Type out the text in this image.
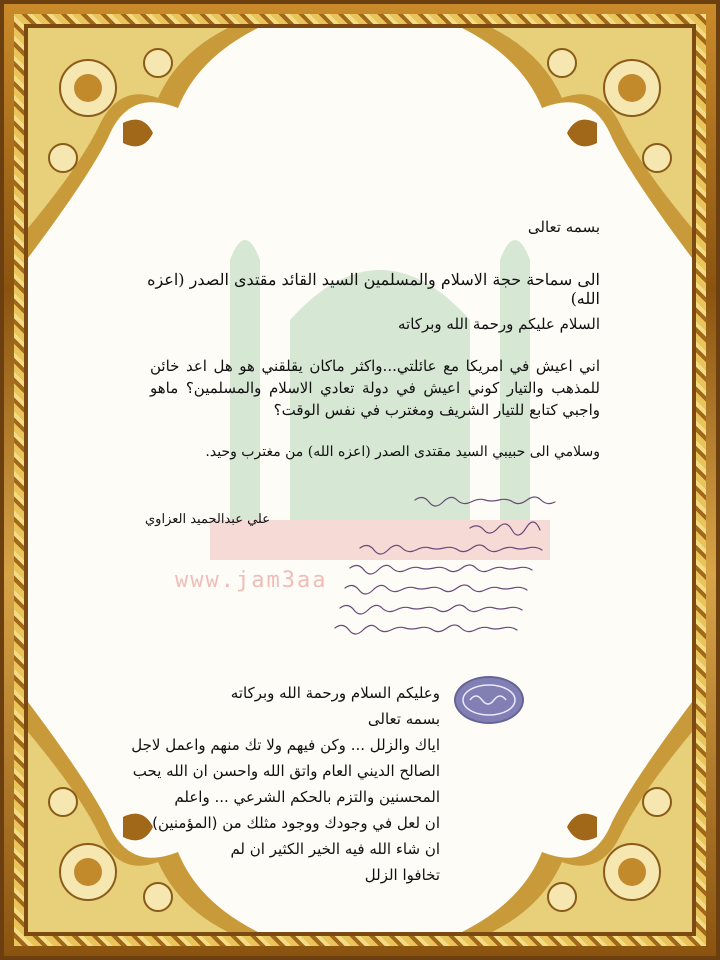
www.jam3aa
بسمه تعالى
الى سماحة حجة الاسلام والمسلمين السيد القائد مقتدى الصدر (اعزه الله)
السلام عليكم ورحمة الله وبركاته
اني اعيش في امريكا مع عائلتي...واكثر ماكان يقلقني هو هل اعد خائن للمذهب والتيار كوني اعيش في دولة تعادي الاسلام والمسلمين؟ ماهو واجبي كتابع للتيار الشريف ومغترب في نفس الوقت؟
وسلامي الى حبيبي السيد مقتدى الصدر (اعزه الله) من مغترب وحيد.
علي عبدالحميد العزاوي
وعليكم السلام ورحمة الله وبركاته
بسمه تعالى
اياك والزلل ... وكن فيهم ولا تك منهم واعمل لاجل
الصالح الديني العام واتق الله واحسن ان الله يحب
المحسنين والتزم بالحكم الشرعي ... واعلم
ان لعل في وجودك ووجود مثلك من (المؤمنين)
ان شاء الله فيه الخير الكثير ان لم
تخافوا الزلل
